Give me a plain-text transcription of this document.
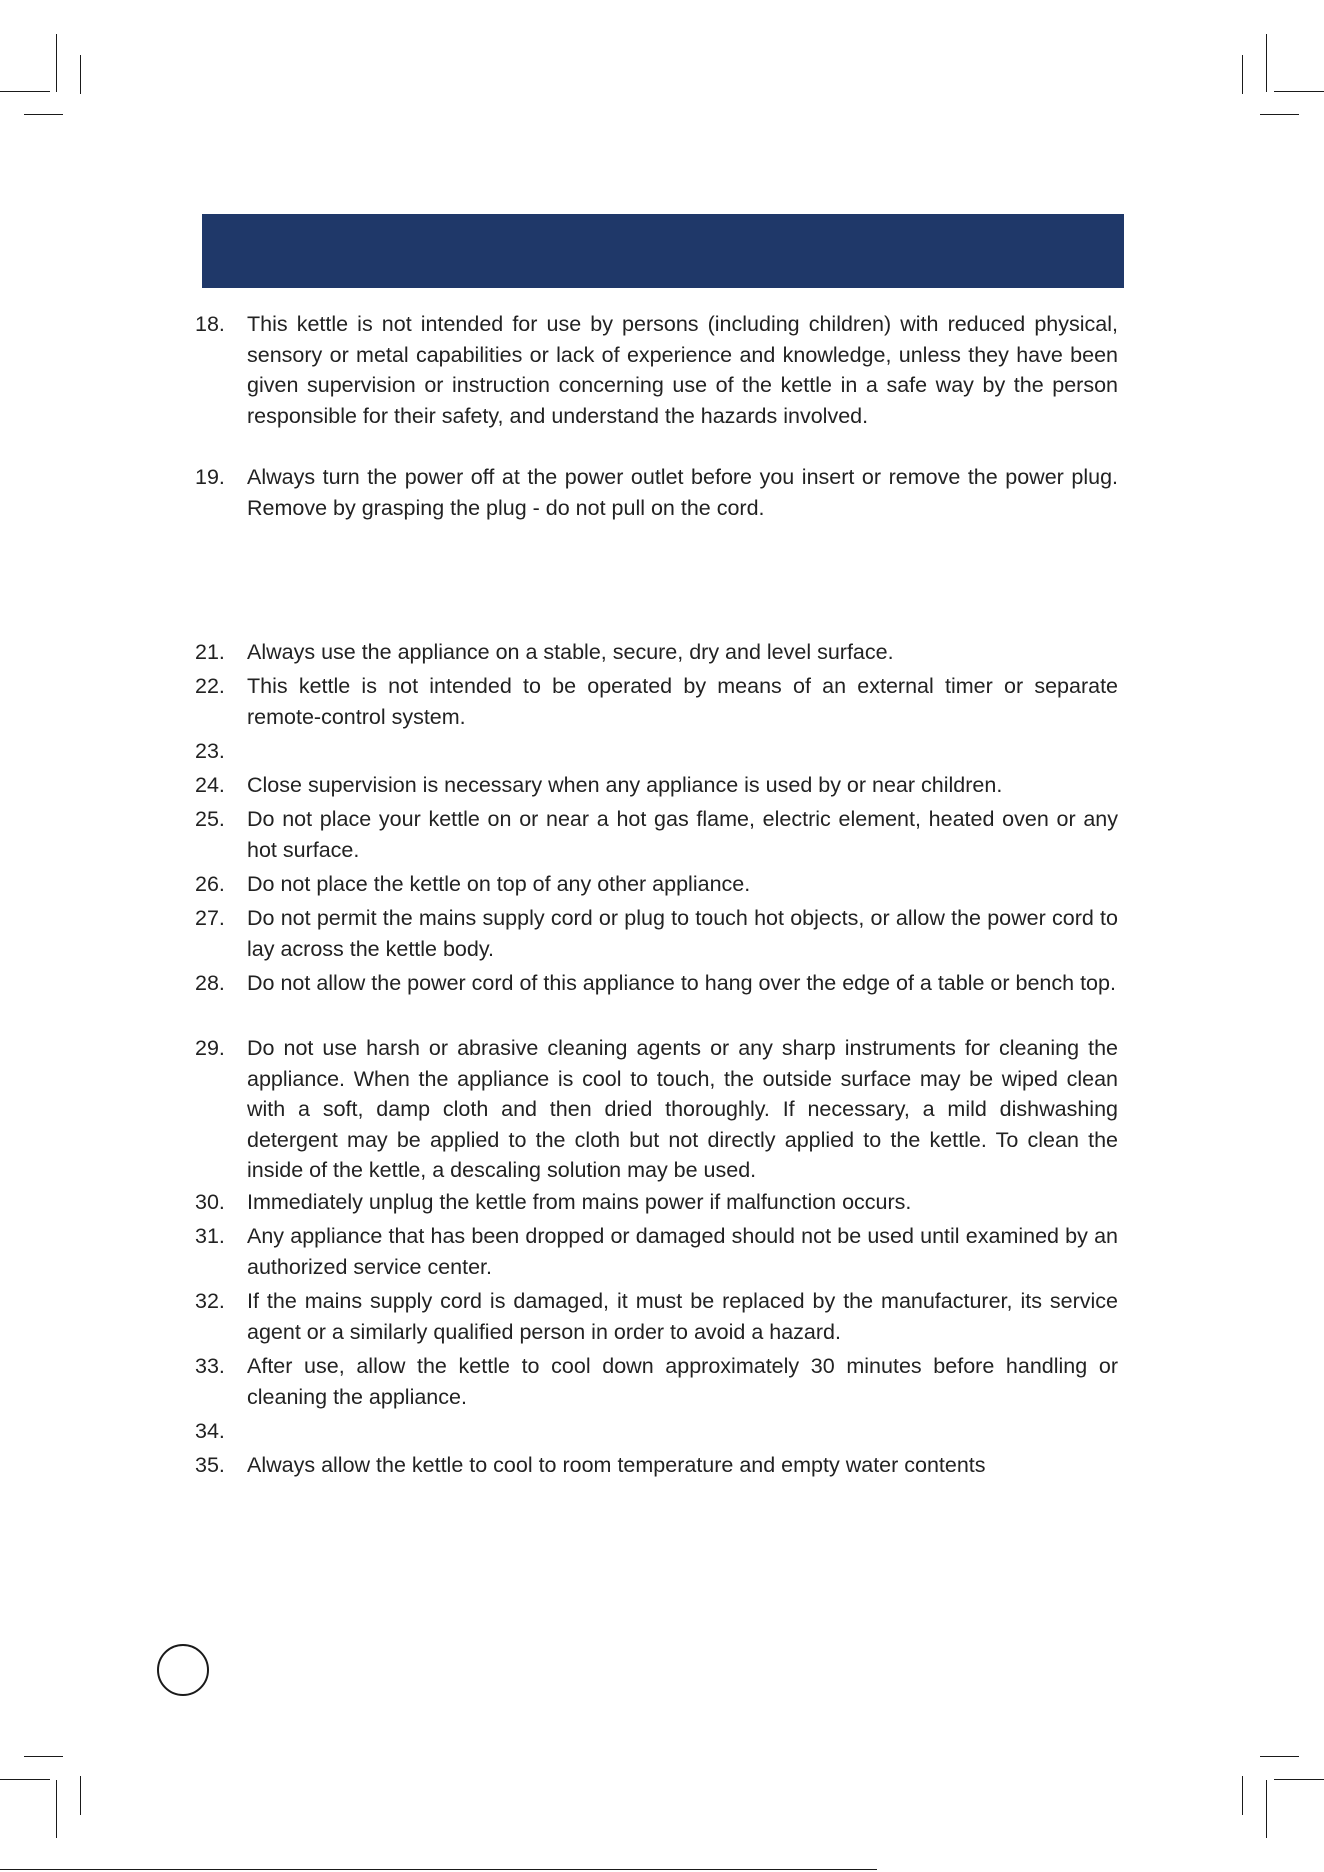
18.	This kettle is not intended for use by persons (including children) with reduced physical, sensory or metal capabilities or lack of experience and knowledge, unless they have been given supervision or instruction concerning use of the kettle in a safe way by the person responsible for their safety, and understand the hazards involved.
19.	Always turn the power off at the power outlet before you insert or remove the power plug. Remove by grasping the plug - do not pull on the cord.
21.	Always use the appliance on a stable, secure, dry and level surface.
22.	This kettle is not intended to be operated by means of an external timer or separate remote-control system.
23.
24.	Close supervision is necessary when any appliance is used by or near children.
25.	Do not place your kettle on or near a hot gas flame, electric element, heated oven or any hot surface.
26.	Do not place the kettle on top of any other appliance.
27.	Do not permit the mains supply cord or plug to touch hot objects, or allow the power cord to lay across the kettle body.
28.	Do not allow the power cord of this appliance to hang over the edge of a table or bench top.
29.	Do not use harsh or abrasive cleaning agents or any sharp instruments for cleaning the appliance. When the appliance is cool to touch, the outside surface may be wiped clean with a soft, damp cloth and then dried thoroughly. If necessary, a mild dishwashing detergent may be applied to the cloth but not directly applied to the kettle. To clean the inside of the kettle, a descaling solution may be used.
30.	Immediately unplug the kettle from mains power if malfunction occurs.
31.	Any appliance that has been dropped or damaged should not be used until examined by an authorized service center.
32.	If the mains supply cord is damaged, it must be replaced by the manufacturer, its service agent or a similarly qualified person in order to avoid a hazard.
33.	After use, allow the kettle to cool down approximately 30 minutes before handling or cleaning the appliance.
34.
35.	Always allow the kettle to cool to room temperature and empty water contents
